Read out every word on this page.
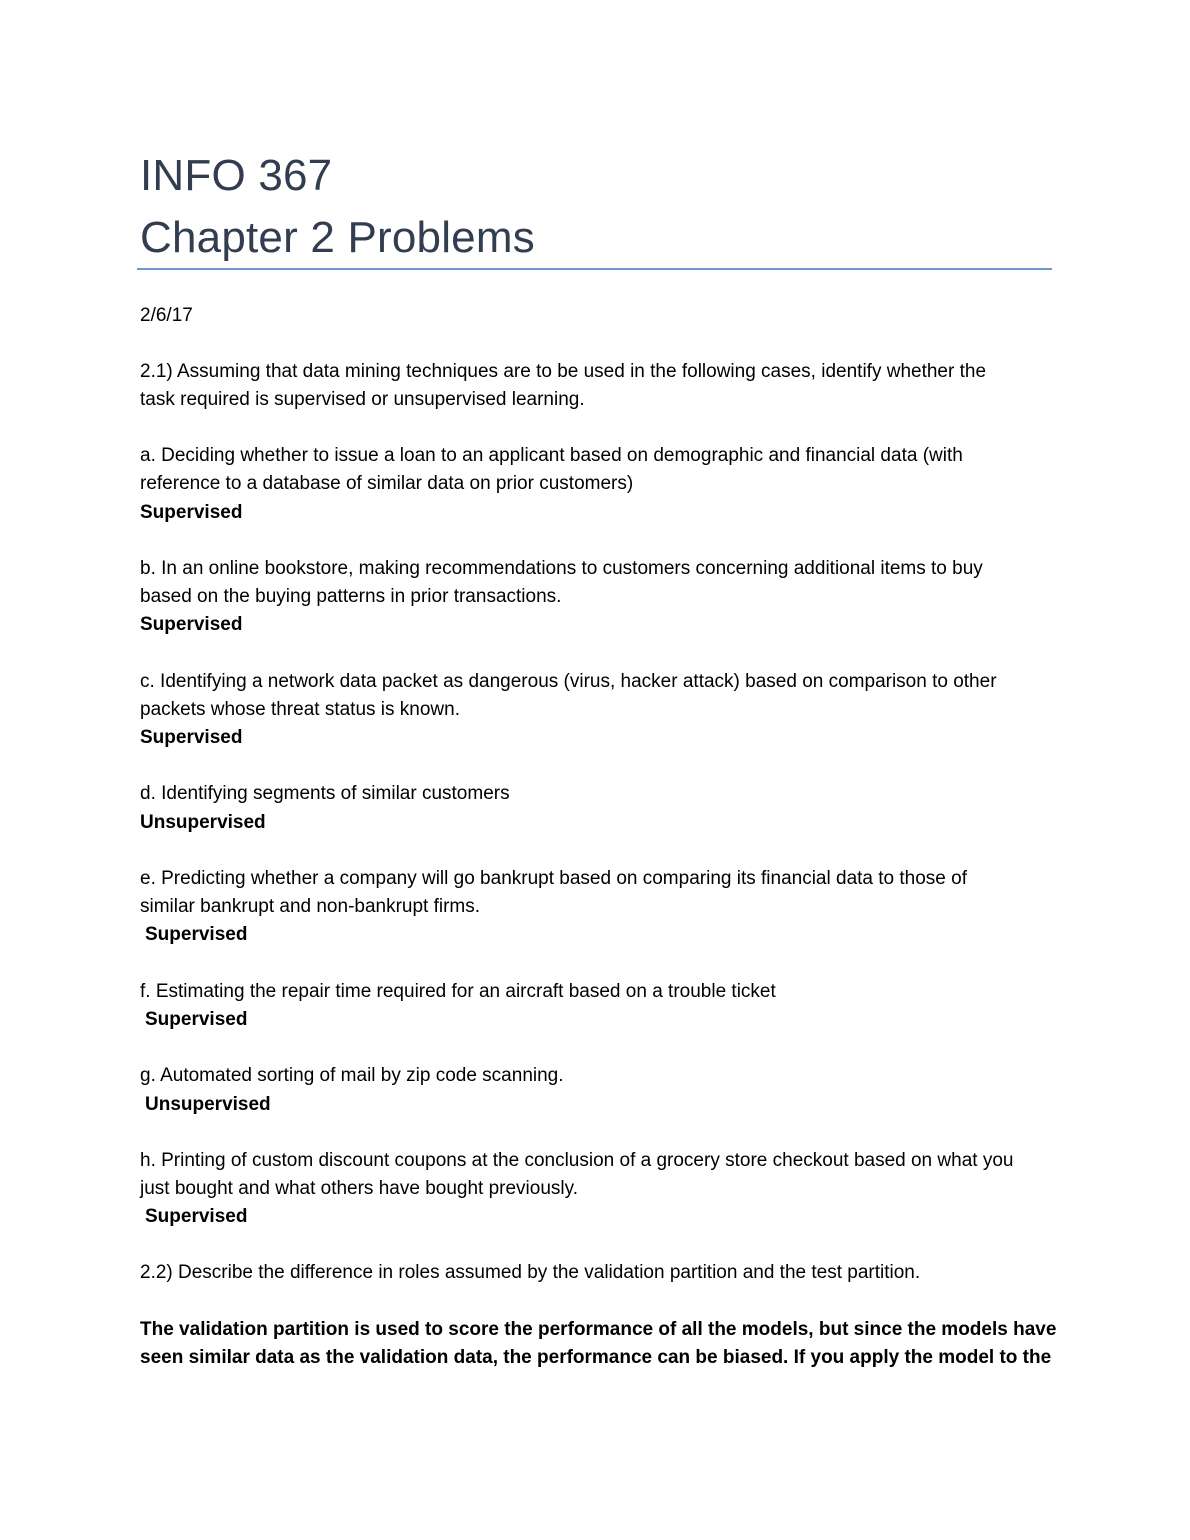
INFO 367
Chapter 2 Problems
2/6/17
2.1) Assuming that data mining techniques are to be used in the following cases, identify whether the
task required is supervised or unsupervised learning.
a. Deciding whether to issue a loan to an applicant based on demographic and financial data (with
reference to a database of similar data on prior customers)
Supervised
b. In an online bookstore, making recommendations to customers concerning additional items to buy
based on the buying patterns in prior transactions.
Supervised
c. Identifying a network data packet as dangerous (virus, hacker attack) based on comparison to other
packets whose threat status is known.
Supervised
d. Identifying segments of similar customers
Unsupervised
e. Predicting whether a company will go bankrupt based on comparing its financial data to those of
similar bankrupt and non-bankrupt firms.
Supervised
f. Estimating the repair time required for an aircraft based on a trouble ticket
Supervised
g. Automated sorting of mail by zip code scanning.
Unsupervised
h. Printing of custom discount coupons at the conclusion of a grocery store checkout based on what you
just bought and what others have bought previously.
Supervised
2.2) Describe the difference in roles assumed by the validation partition and the test partition.
The validation partition is used to score the performance of all the models, but since the models have
seen similar data as the validation data, the performance can be biased. If you apply the model to the
